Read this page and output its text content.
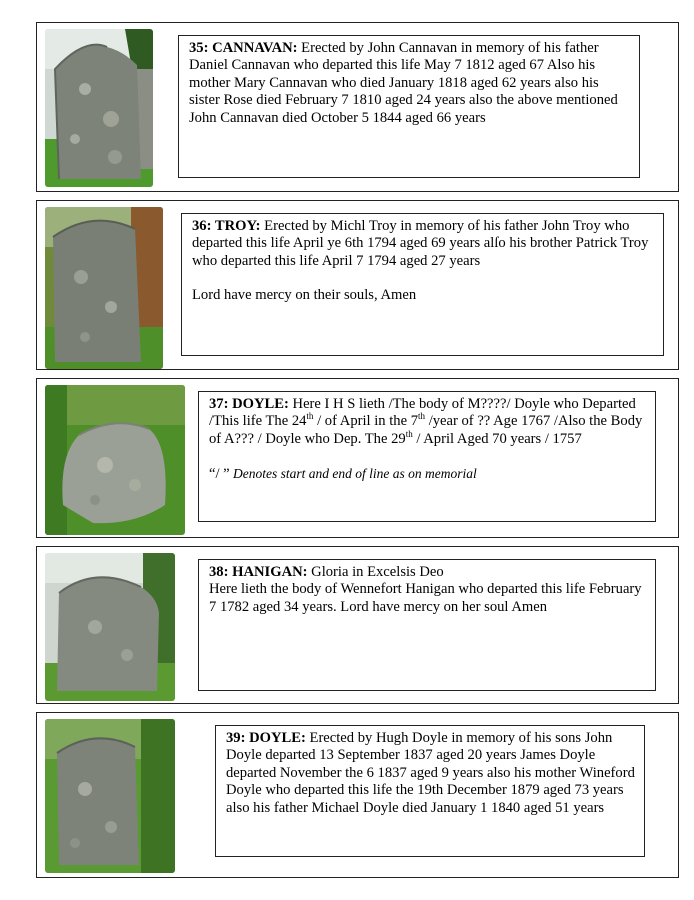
35: CANNAVAN: Erected by John Cannavan in memory of his father Daniel Cannavan who departed this life May 7 1812 aged 67 Also his mother Mary Cannavan who died January 1818 aged 62 years also his sister Rose died February 7 1810 aged 24 years also the above mentioned John Cannavan died October 5 1844 aged 66 years
36: TROY: Erected by Michl Troy in memory of his father John Troy who departed this life April ye 6th 1794 aged 69 years alſo his brother Patrick Troy who departed this life April 7 1794 aged 27 years
Lord have mercy on their souls, Amen
37: DOYLE: Here I H S lieth /The body of M????/ Doyle who Departed /This life The 24th / of April in the 7th /year of ?? Age 1767 /Also the Body of A??? / Doyle who Dep. The 29th / April Aged 70 years / 1757
“/ ” Denotes start and end of line as on memorial
38: HANIGAN: Gloria in Excelsis Deo
Here lieth the body of Wennefort Hanigan who departed this life February 7 1782 aged 34 years. Lord have mercy on her soul Amen
39: DOYLE: Erected by Hugh Doyle in memory of his sons John Doyle departed 13 September 1837 aged 20 years James Doyle departed November the 6 1837 aged 9 years also his mother Wineford Doyle who departed this life the 19th December 1879 aged 73 years also his father Michael Doyle died January 1 1840 aged 51 years
